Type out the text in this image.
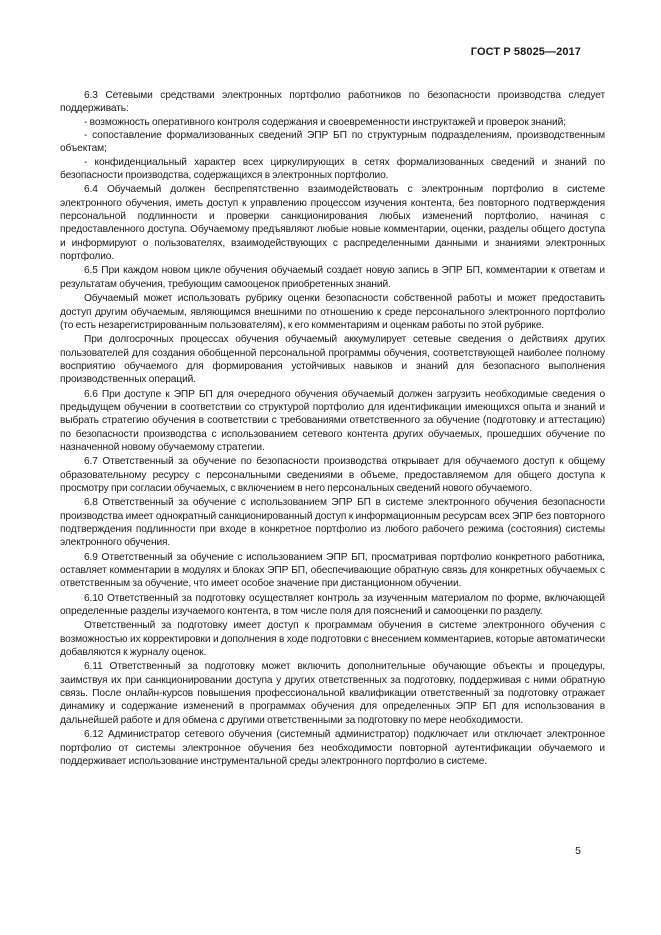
ГОСТ Р 58025—2017

6.3 Сетевыми средствами электронных портфолио работников по безопасности производства следует поддерживать:

- возможность оперативного контроля содержания и своевременности инструктажей и проверок знаний;

- сопоставление формализованных сведений ЭПР БП по структурным подразделениям, производственным объектам;

- конфиденциальный характер всех циркулирующих в сетях формализованных сведений и знаний по безопасности производства, содержащихся в электронных портфолио.

6.4 Обучаемый должен беспрепятственно взаимодействовать с электронным портфолио в системе электронного обучения, иметь доступ к управлению процессом изучения контента, без повторного подтверждения персональной подлинности и проверки санкционирования любых изменений портфолио, начиная с предоставленного доступа. Обучаемому предъявляют любые новые комментарии, оценки, разделы общего доступа и информируют о пользователях, взаимодействующих с распределенными данными и знаниями электронных портфолио.

6.5 При каждом новом цикле обучения обучаемый создает новую запись в ЭПР БП, комментарии к ответам и результатам обучения, требующим самооценок приобретенных знаний.

Обучаемый может использовать рубрику оценки безопасности собственной работы и может предоставить доступ другим обучаемым, являющимся внешними по отношению к среде персонального электронного портфолио (то есть незарегистрированным пользователям), к его комментариям и оценкам работы по этой рубрике.

При долгосрочных процессах обучения обучаемый аккумулирует сетевые сведения о действиях других пользователей для создания обобщенной персональной программы обучения, соответствующей наиболее полному восприятию обучаемого для формирования устойчивых навыков и знаний для безопасного выполнения производственных операций.

6.6 При доступе к ЭПР БП для очередного обучения обучаемый должен загрузить необходимые сведения о предыдущем обучении в соответствии со структурой портфолио для идентификации имеющихся опыта и знаний и выбрать стратегию обучения в соответствии с требованиями ответственного за обучение (подготовку и аттестацию) по безопасности производства с использованием сетевого контента других обучаемых, прошедших обучение по назначенной новому обучаемому стратегии.

6.7 Ответственный за обучение по безопасности производства открывает для обучаемого доступ к общему образовательному ресурсу с персональными сведениями в объеме, предоставляемом для общего доступа к просмотру при согласии обучаемых, с включением в него персональных сведений нового обучаемого.

6.8 Ответственный за обучение с использованием ЭПР БП в системе электронного обучения безопасности производства имеет однократный санкционированный доступ к информационным ресурсам всех ЭПР без повторного подтверждения подлинности при входе в конкретное портфолио из любого рабочего режима (состояния) системы электронного обучения.

6.9 Ответственный за обучение с использованием ЭПР БП, просматривая портфолио конкретного работника, оставляет комментарии в модулях и блоках ЭПР БП, обеспечивающие обратную связь для конкретных обучаемых с ответственным за обучение, что имеет особое значение при дистанционном обучении.

6.10 Ответственный за подготовку осуществляет контроль за изученным материалом по форме, включающей определенные разделы изучаемого контента, в том числе поля для пояснений и самооценки по разделу.

Ответственный за подготовку имеет доступ к программам обучения в системе электронного обучения с возможностью их корректировки и дополнения в ходе подготовки с внесением комментариев, которые автоматически добавляются к журналу оценок.

6.11 Ответственный за подготовку может включить дополнительные обучающие объекты и процедуры, заимствуя их при санкционировании доступа у других ответственных за подготовку, поддерживая с ними обратную связь. После онлайн-курсов повышения профессиональной квалификации ответственный за подготовку отражает динамику и содержание изменений в программах обучения для определенных ЭПР БП для использования в дальнейшей работе и для обмена с другими ответственными за подготовку по мере необходимости.

6.12 Администратор сетевого обучения (системный администратор) подключает или отключает электронное портфолио от системы электронное обучения без необходимости повторной аутентификации обучаемого и поддерживает использование инструментальной среды электронного портфолио в системе.

5
